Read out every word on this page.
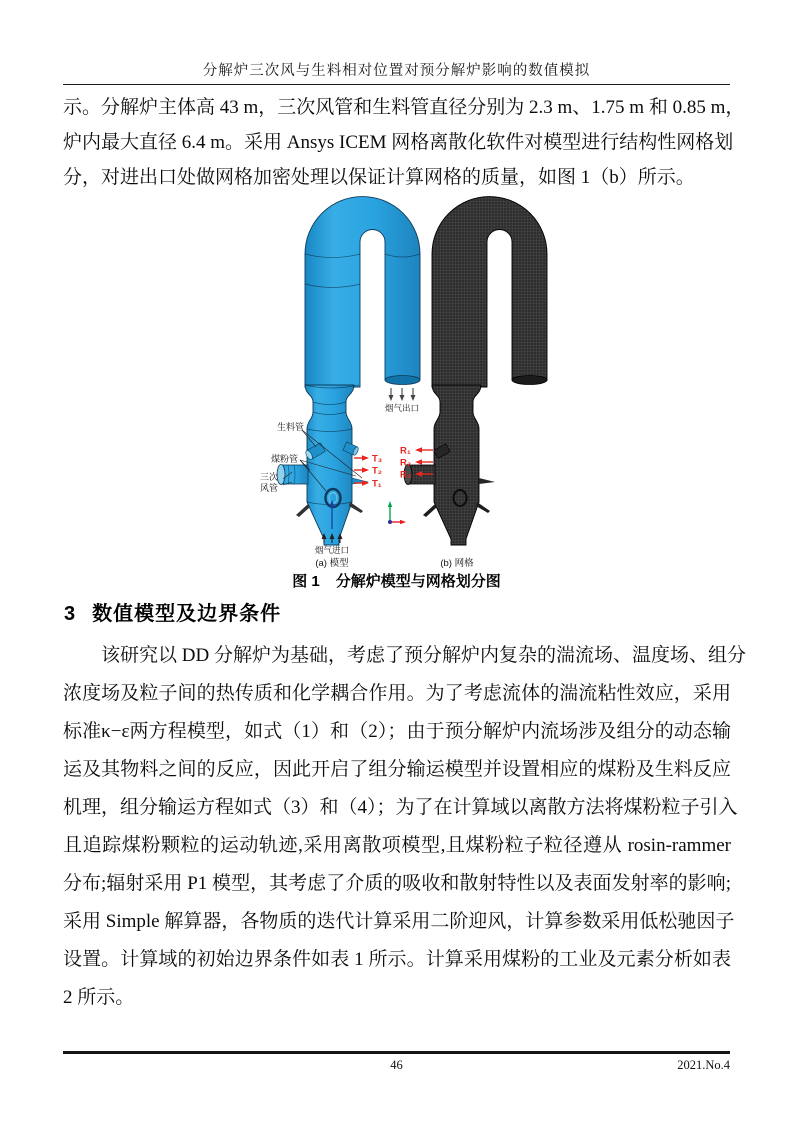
分解炉三次风与生料相对位置对预分解炉影响的数值模拟
示。分解炉主体高 43 m，三次风管和生料管直径分别为 2.3 m、1.75 m 和 0.85 m，
炉内最大直径 6.4 m。采用 Ansys ICEM 网格离散化软件对模型进行结构性网格划
分，对进出口处做网格加密处理以保证计算网格的质量，如图 1（b）所示。
烟气出口
烟气进口
生料管
煤粉管
三次
风管
T₃
T₂
T₁
(a) 模型	(b) 网格
R₁
R₂
R₃
图 1 分解炉模型与网格划分图
3 数值模型及边界条件
该研究以 DD 分解炉为基础，考虑了预分解炉内复杂的湍流场、温度场、组分
浓度场及粒子间的热传质和化学耦合作用。为了考虑流体的湍流粘性效应，采用
标准κ−ε两方程模型，如式（1）和（2）；由于预分解炉内流场涉及组分的动态输
运及其物料之间的反应，因此开启了组分输运模型并设置相应的煤粉及生料反应
机理，组分输运方程如式（3）和（4）；为了在计算域以离散方法将煤粉粒子引入
且追踪煤粉颗粒的运动轨迹,采用离散项模型,且煤粉粒子粒径遵从 rosin-rammer
分布;辐射采用 P1 模型，其考虑了介质的吸收和散射特性以及表面发射率的影响;
采用 Simple 解算器，各物质的迭代计算采用二阶迎风，计算参数采用低松驰因子
设置。计算域的初始边界条件如表 1 所示。计算采用煤粉的工业及元素分析如表
2 所示。
46	2021.No.4
